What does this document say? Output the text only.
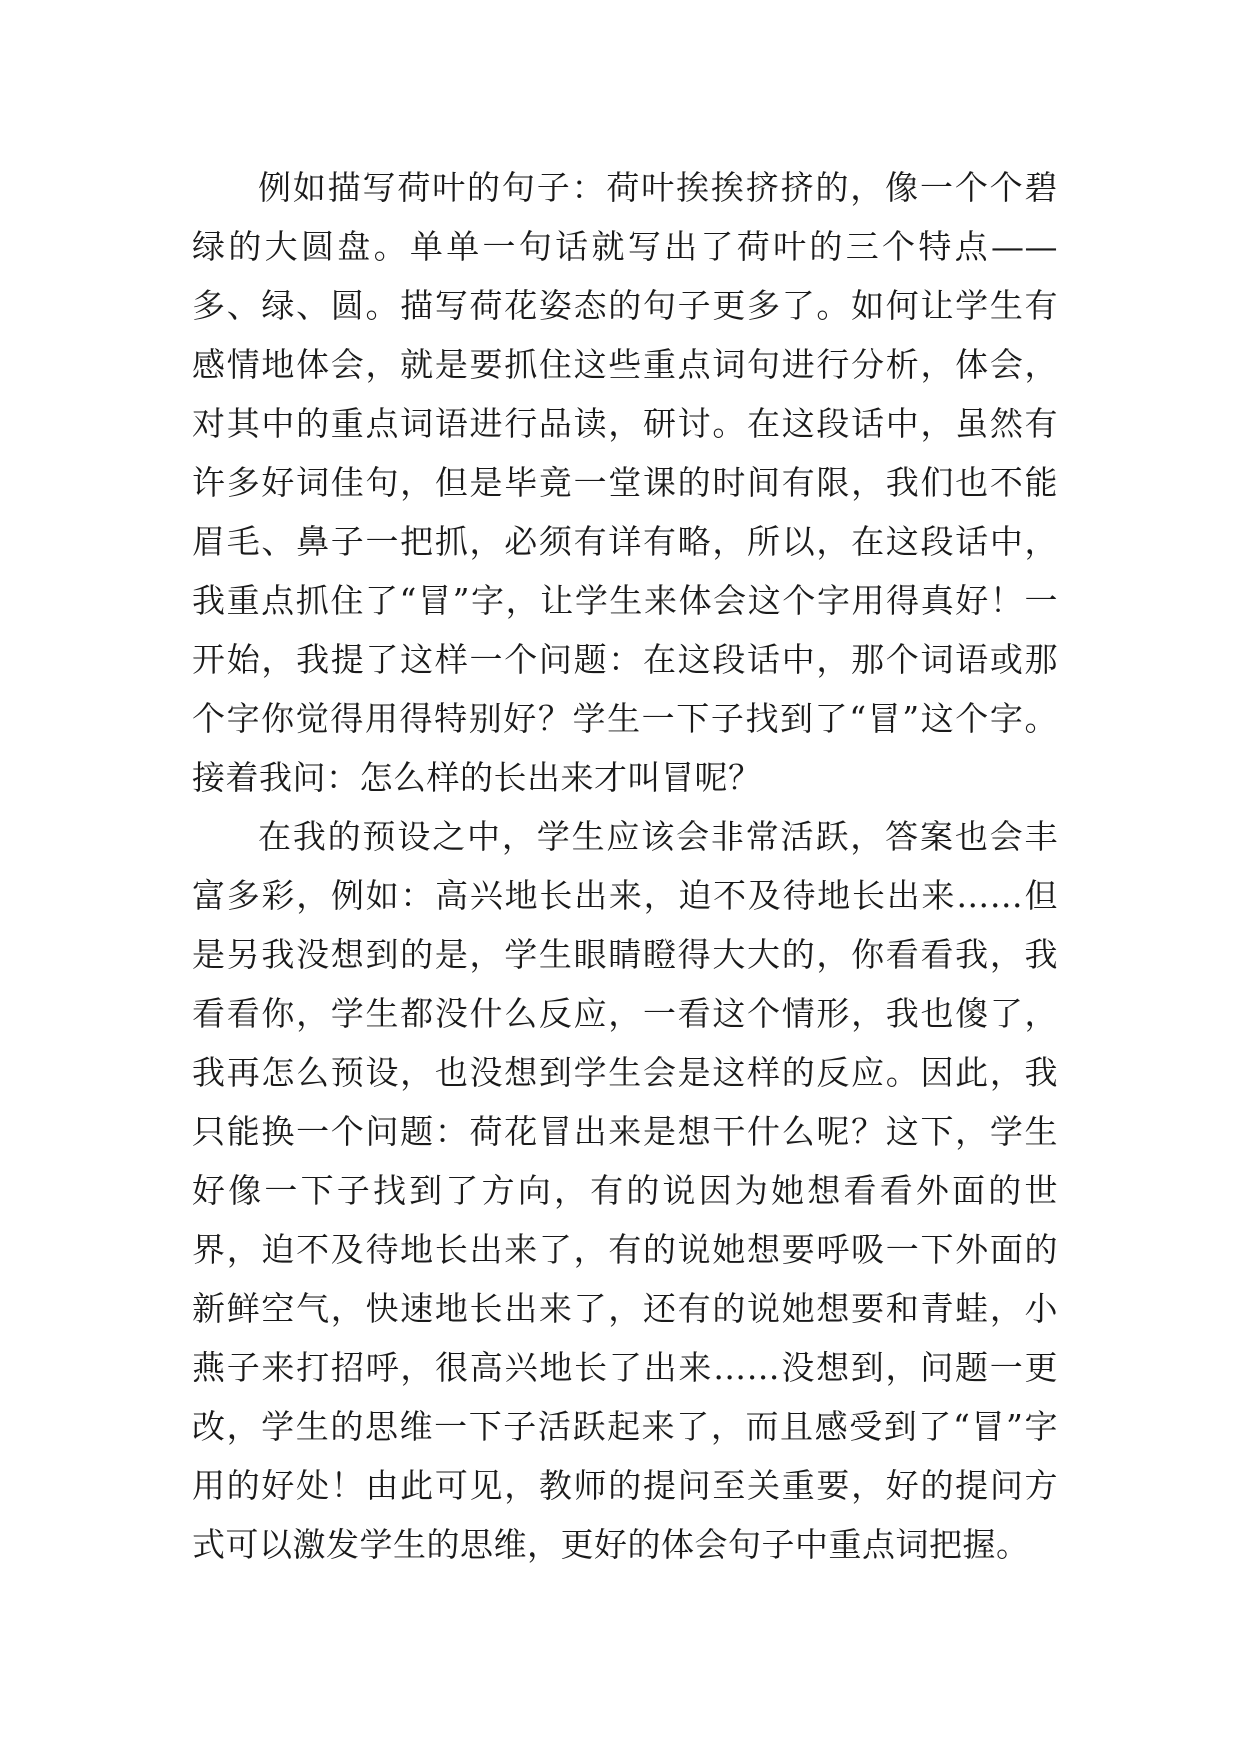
例如描写荷叶的句子：荷叶挨挨挤挤的，像一个个碧绿的大圆盘。单单一句话就写出了荷叶的三个特点——多、绿、圆。描写荷花姿态的句子更多了。如何让学生有感情地体会，就是要抓住这些重点词句进行分析，体会，对其中的重点词语进行品读，研讨。在这段话中，虽然有许多好词佳句，但是毕竟一堂课的时间有限，我们也不能眉毛、鼻子一把抓，必须有详有略，所以，在这段话中，我重点抓住了“冒”字，让学生来体会这个字用得真好！一开始，我提了这样一个问题：在这段话中，那个词语或那个字你觉得用得特别好？学生一下子找到了“冒”这个字。接着我问：怎么样的长出来才叫冒呢？

在我的预设之中，学生应该会非常活跃，答案也会丰富多彩，例如：高兴地长出来，迫不及待地长出来……但是另我没想到的是，学生眼睛瞪得大大的，你看看我，我看看你，学生都没什么反应，一看这个情形，我也傻了，我再怎么预设，也没想到学生会是这样的反应。因此，我只能换一个问题：荷花冒出来是想干什么呢？这下，学生好像一下子找到了方向，有的说因为她想看看外面的世界，迫不及待地长出来了，有的说她想要呼吸一下外面的新鲜空气，快速地长出来了，还有的说她想要和青蛙，小燕子来打招呼，很高兴地长了出来……没想到，问题一更改，学生的思维一下子活跃起来了，而且感受到了“冒”字用的好处！由此可见，教师的提问至关重要，好的提问方式可以激发学生的思维，更好的体会句子中重点词把握。
